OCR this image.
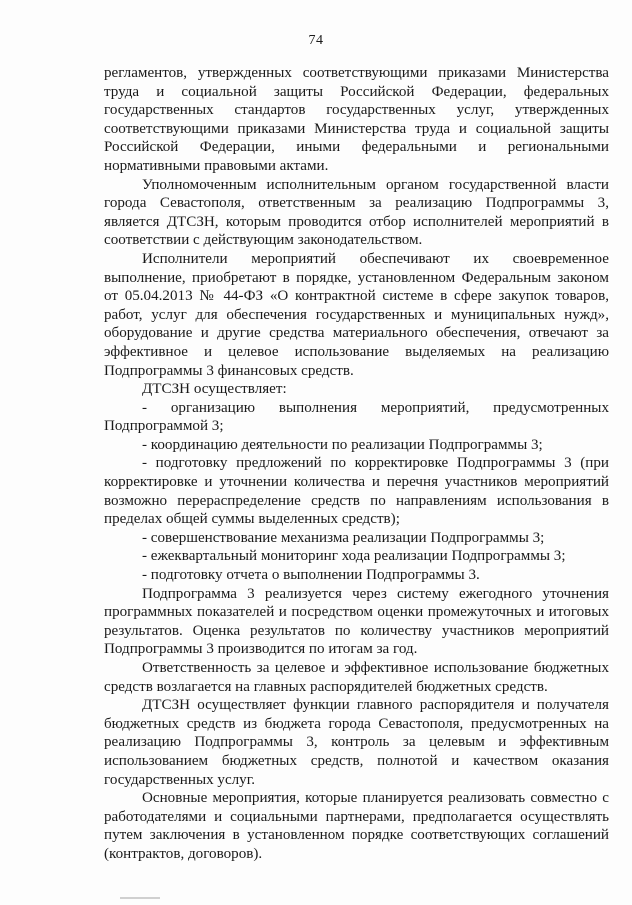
74

регламентов, утвержденных соответствующими приказами Министерства труда и социальной защиты Российской Федерации, федеральных государственных стандартов государственных услуг, утвержденных соответствующими приказами Министерства труда и социальной защиты Российской Федерации, иными федеральными и региональными нормативными правовыми актами.

Уполномоченным исполнительным органом государственной власти города Севастополя, ответственным за реализацию Подпрограммы 3, является ДТСЗН, которым проводится отбор исполнителей мероприятий в соответствии с действующим законодательством.

Исполнители мероприятий обеспечивают их своевременное выполнение, приобретают в порядке, установленном Федеральным законом от 05.04.2013 № 44-ФЗ «О контрактной системе в сфере закупок товаров, работ, услуг для обеспечения государственных и муниципальных нужд», оборудование и другие средства материального обеспечения, отвечают за эффективное и целевое использование выделяемых на реализацию Подпрограммы 3 финансовых средств.

ДТСЗН осуществляет:

- организацию выполнения мероприятий, предусмотренных Подпрограммой 3;

- координацию деятельности по реализации Подпрограммы 3;

- подготовку предложений по корректировке Подпрограммы 3 (при корректировке и уточнении количества и перечня участников мероприятий возможно перераспределение средств по направлениям использования в пределах общей суммы выделенных средств);

- совершенствование механизма реализации Подпрограммы 3;

- ежеквартальный мониторинг хода реализации Подпрограммы 3;

- подготовку отчета о выполнении Подпрограммы 3.

Подпрограмма 3 реализуется через систему ежегодного уточнения программных показателей и посредством оценки промежуточных и итоговых результатов. Оценка результатов по количеству участников мероприятий Подпрограммы 3 производится по итогам за год.

Ответственность за целевое и эффективное использование бюджетных средств возлагается на главных распорядителей бюджетных средств.

ДТСЗН осуществляет функции главного распорядителя и получателя бюджетных средств из бюджета города Севастополя, предусмотренных на реализацию Подпрограммы 3, контроль за целевым и эффективным использованием бюджетных средств, полнотой и качеством оказания государственных услуг.

Основные мероприятия, которые планируется реализовать совместно с работодателями и социальными партнерами, предполагается осуществлять путем заключения в установленном порядке соответствующих соглашений (контрактов, договоров).
